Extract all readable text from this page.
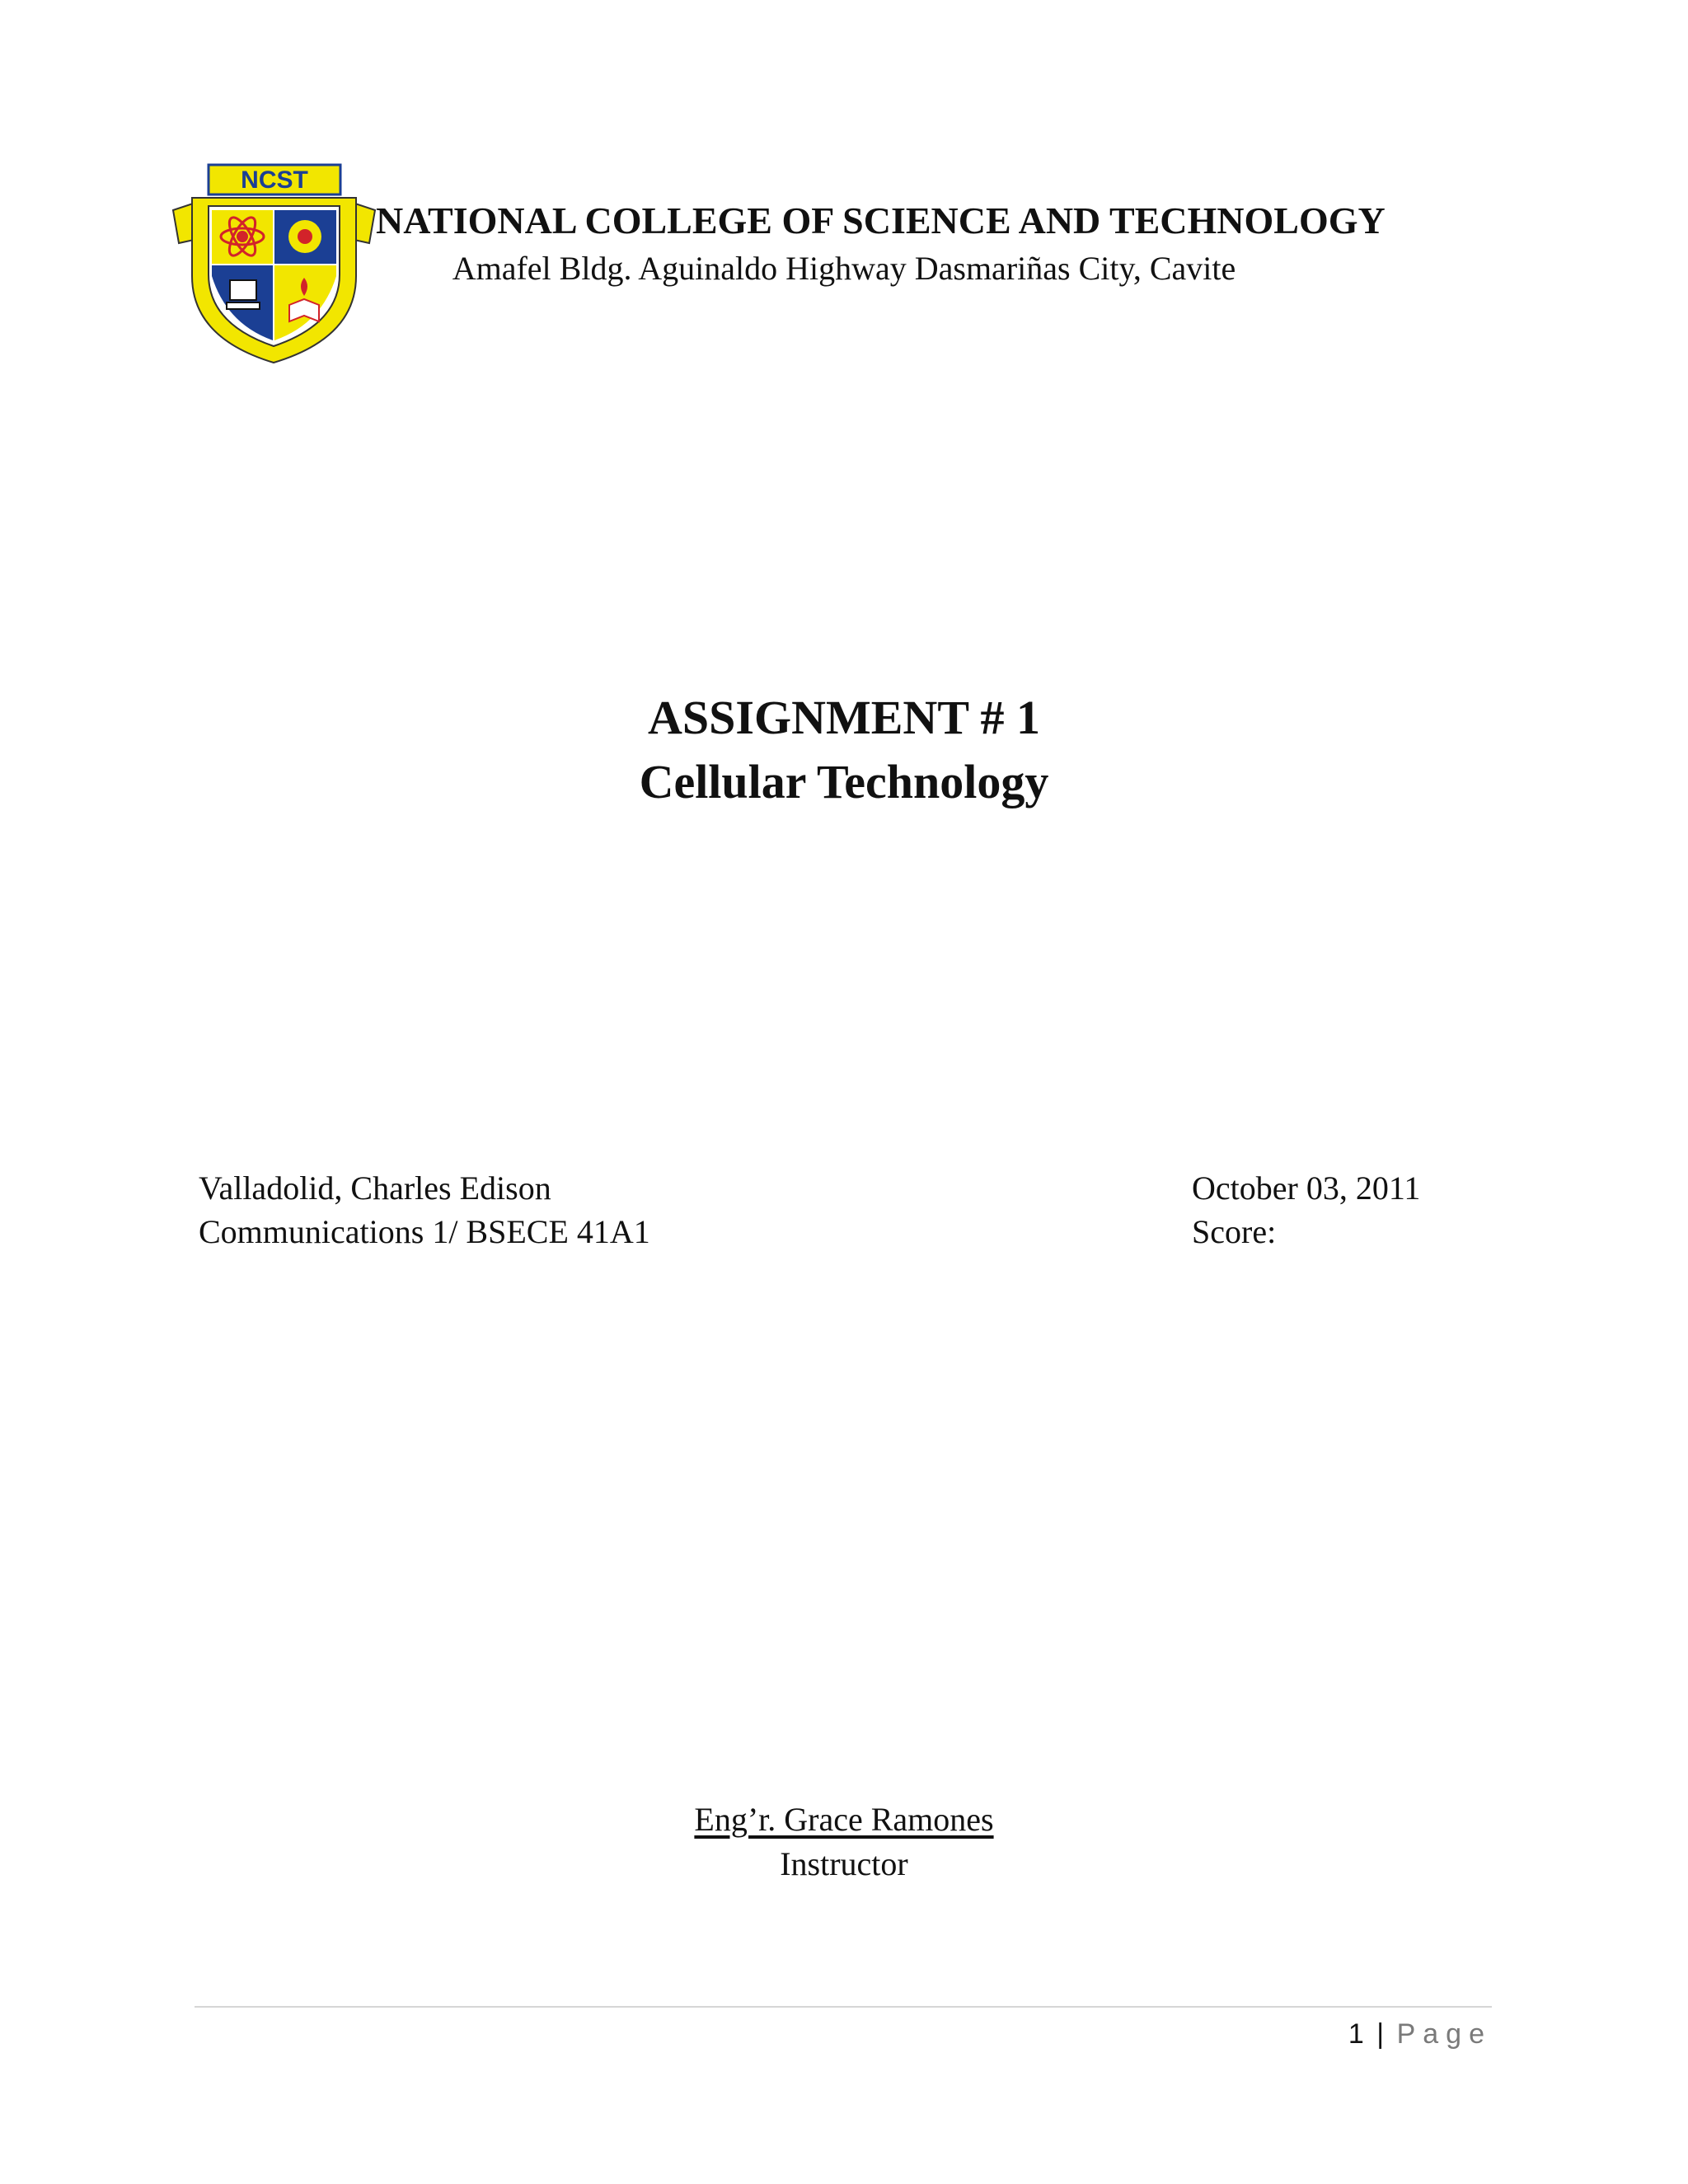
NCST
NATIONAL COLLEGE OF SCIENCE AND TECHNOLOGY
Amafel Bldg. Aguinaldo Highway Dasmariñas City, Cavite
ASSIGNMENT # 1
Cellular Technology
Valladolid, Charles Edison
Communications 1/ BSECE 41A1
October 03, 2011
Score:
Eng’r. Grace Ramones
Instructor
1 | Page
